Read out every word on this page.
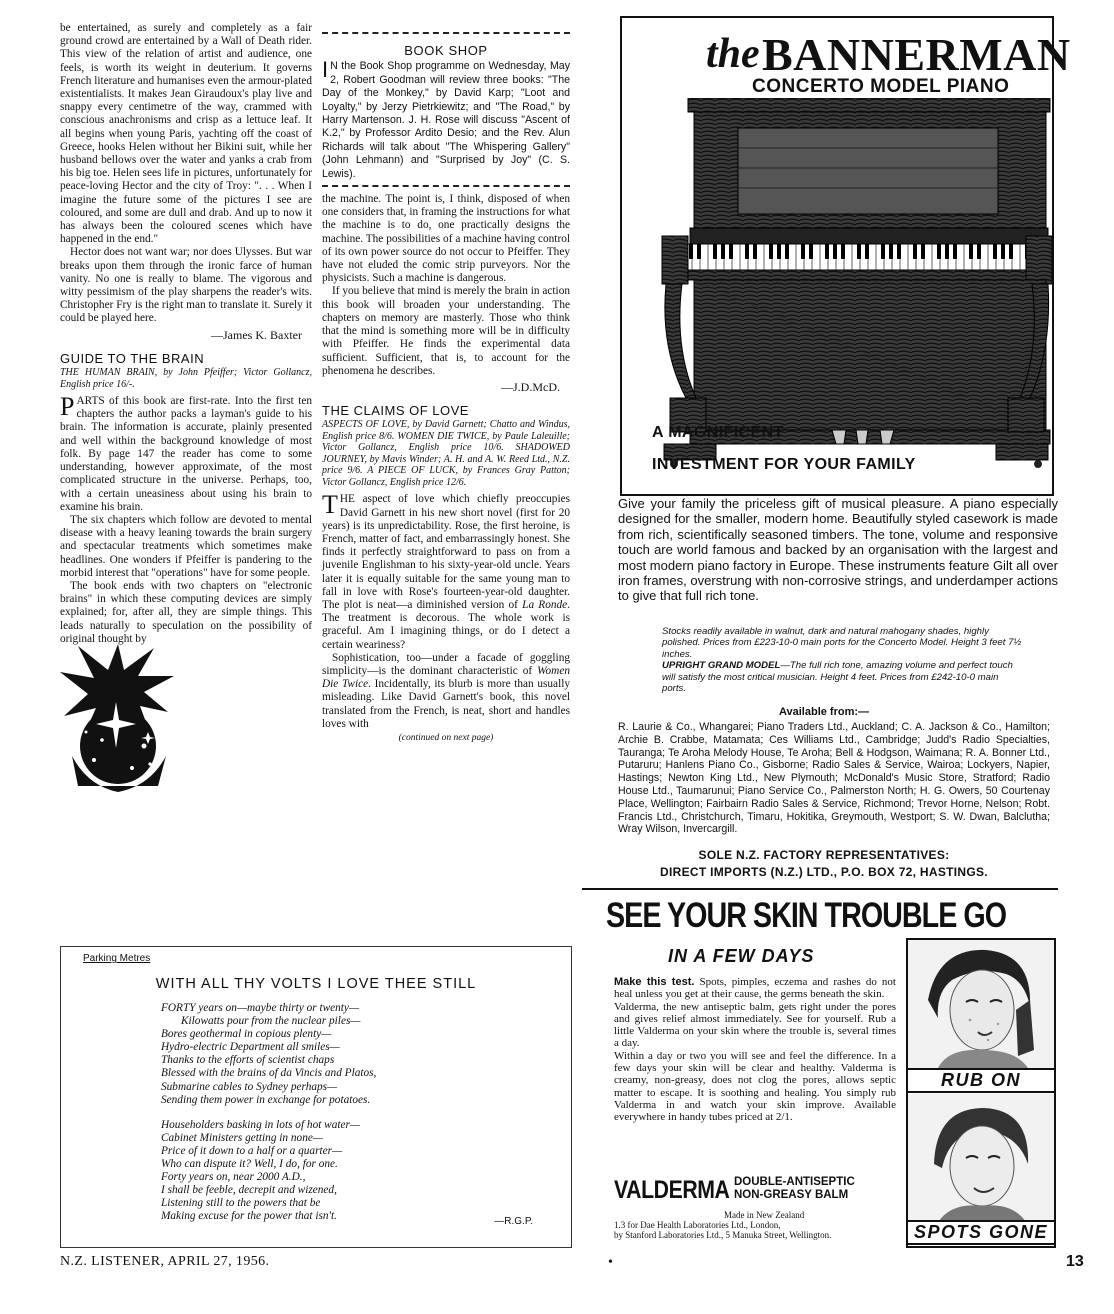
be entertained, as surely and completely as a fair ground crowd are entertained by a Wall of Death rider. This view of the relation of artist and audience, one feels, is worth its weight in deuterium. It governs French literature and humanises even the armour-plated existentialists. It makes Jean Giraudoux's play live and snappy every centimetre of the way, crammed with conscious anachronisms and crisp as a lettuce leaf. It all begins when young Paris, yachting off the coast of Greece, hooks Helen without her Bikini suit, while her husband bellows over the water and yanks a crab from his big toe. Helen sees life in pictures, unfortunately for peace-loving Hector and the city of Troy: ". . . When I imagine the future some of the pictures I see are coloured, and some are dull and drab. And up to now it has always been the coloured scenes which have happened in the end."

Hector does not want war; nor does Ulysses. But war breaks upon them through the ironic farce of human vanity. No one is really to blame. The vigorous and witty pessimism of the play sharpens the reader's wits. Christopher Fry is the right man to translate it. Surely it could be played here.

—James K. Baxter
GUIDE TO THE BRAIN
THE HUMAN BRAIN, by John Pfeiffer; Victor Gollancz, English price 16/-.

PARTS of this book are first-rate. Into the first ten chapters the author packs a layman's guide to his brain. The information is accurate, plainly presented and well within the background knowledge of most folk. By page 147 the reader has come to some understanding, however approximate, of the most complicated structure in the universe. Perhaps, too, with a certain uneasiness about using his brain to examine his brain.

The six chapters which follow are devoted to mental disease with a heavy leaning towards the brain surgery and spectacular treatments which sometimes make headlines. One wonders if Pfeiffer is pandering to the morbid interest that "operations" have for some people.

The book ends with two chapters on "electronic brains" in which these computing devices are simply explained; for, after all, they are simple things. This leads naturally to speculation on the possibility of original thought by

BOOK SHOP

I N the Book Shop programme on Wednesday, May 2, Robert Goodman will review three books: "The Day of the Monkey," by David Karp; "Loot and Loyalty," by Jerzy Pietrkiewitz; and "The Road," by Harry Martenson. J. H. Rose will discuss "Ascent of K.2," by Professor Ardito Desio; and the Rev. Alun Richards will talk about "The Whispering Gallery" (John Lehmann) and "Surprised by Joy" (C. S. Lewis).

the machine. The point is, I think, disposed of when one considers that, in framing the instructions for what the machine is to do, one practically designs the machine. The possibilities of a machine having control of its own power source do not occur to Pfeiffer. They have not eluded the comic strip purveyors. Nor the physicists. Such a machine is dangerous.

If you believe that mind is merely the brain in action this book will broaden your understanding. The chapters on memory are masterly. Those who think that the mind is something more will be in difficulty with Pfeiffer. He finds the experimental data sufficient. Sufficient, that is, to account for the phenomena he describes.

—J.D.McD.
THE CLAIMS OF LOVE
ASPECTS OF LOVE, by David Garnett; Chatto and Windus, English price 8/6. WOMEN DIE TWICE, by Paule Laleuille; Victor Gollancz, English price 10/6. SHADOWED JOURNEY, by Mavis Winder; A. H. and A. W. Reed Ltd., N.Z. price 9/6. A PIECE OF LUCK, by Frances Gray Patton; Victor Gollancz, English price 12/6.

THE aspect of love which chiefly preoccupies David Garnett in his new short novel (first for 20 years) is its unpredictability. Rose, the first heroine, is French, matter of fact, and embarrassingly honest. She finds it perfectly straightforward to pass on from a juvenile Englishman to his sixty-year-old uncle. Years later it is equally suitable for the same young man to fall in love with Rose's fourteen-year-old daughter. The plot is neat—a diminished version of La Ronde. The treatment is decorous. The whole work is graceful. Am I imagining things, or do I detect a certain weariness?

Sophistication, too—under a facade of goggling simplicity—is the dominant characteristic of Women Die Twice. Incidentally, its blurb is more than usually misleading. Like David Garnett's book, this novel translated from the French, is neat, short and handles loves with

(continued on next page)
Parking Metres
WITH ALL THY VOLTS I LOVE THEE STILL
FORTY years on—maybe thirty or twenty—
Kilowatts pour from the nuclear piles—
Bores geothermal in copious plenty—
Hydro-electric Department all smiles—
Thanks to the efforts of scientist chaps
Blessed with the brains of da Vincis and Platos,
Submarine cables to Sydney perhaps—
Sending them power in exchange for potatoes.
Householders basking in lots of hot water—
Cabinet Ministers getting in none—
Price of it down to a half or a quarter—
Who can dispute it? Well, I do, for one.
Forty years on, near 2000 A.D.,
I shall be feeble, decrepit and wizened,
Listening still to the powers that be
Making excuse for the power that isn't.	—R.G.P.
N.Z. LISTENER, APRIL 27, 1956.	•	13
the BANNERMAN
CONCERTO MODEL PIANO
A MAGNIFICENT
INVESTMENT FOR YOUR FAMILY
Give your family the priceless gift of musical pleasure. A piano especially designed for the smaller, modern home. Beautifully styled casework is made from rich, scientifically seasoned timbers. The tone, volume and responsive touch are world famous and backed by an organisation with the largest and most modern piano factory in Europe. These instruments feature Gilt all over iron frames, overstrung with non-corrosive strings, and underdamper actions to give that full rich tone.
Stocks readily available in walnut, dark and natural mahogany shades, highly polished. Prices from £223-10-0 main ports for the Concerto Model. Height 3 feet 7½ inches.
UPRIGHT GRAND MODEL—The full rich tone, amazing volume and perfect touch will satisfy the most critical musician. Height 4 feet. Prices from £242-10-0 main ports.
Available from:—
R. Laurie & Co., Whangarei; Piano Traders Ltd., Auckland; C. A. Jackson & Co., Hamilton; Archie B. Crabbe, Matamata; Ces Williams Ltd., Cambridge; Judd's Radio Specialties, Tauranga; Te Aroha Melody House, Te Aroha; Bell & Hodgson, Waimana; R. A. Bonner Ltd., Putaruru; Hanlens Piano Co., Gisborne; Radio Sales & Service, Wairoa; Lockyers, Napier, Hastings; Newton King Ltd., New Plymouth; McDonald's Music Store, Stratford; Radio House Ltd., Taumarunui; Piano Service Co., Palmerston North; H. G. Owers, 50 Courtenay Place, Wellington; Fairbairn Radio Sales & Service, Richmond; Trevor Horne, Nelson; Robt. Francis Ltd., Christchurch, Timaru, Hokitika, Greymouth, Westport; S. W. Dwan, Balclutha; Wray Wilson, Invercargill.
SOLE N.Z. FACTORY REPRESENTATIVES:
DIRECT IMPORTS (N.Z.) LTD., P.O. BOX 72, HASTINGS.
SEE YOUR SKIN TROUBLE GO
IN A FEW DAYS
Make this test. Spots, pimples, eczema and rashes do not heal unless you get at their cause, the germs beneath the skin.
Valderma, the new antiseptic balm, gets right under the pores and gives relief almost immediately. See for yourself. Rub a little Valderma on your skin where the trouble is, several times a day.
Within a day or two you will see and feel the difference. In a few days your skin will be clear and healthy. Valderma is creamy, non-greasy, does not clog the pores, allows septic matter to escape. It is soothing and healing. You simply rub Valderma in and watch your skin improve. Available everywhere in handy tubes priced at 2/1.
VALDERMA DOUBLE-ANTISEPTIC
NON-GREASY BALM
Made in New Zealand
1.3 for Dae Health Laboratories Ltd., London,
by Stanford Laboratories Ltd., 5 Manuka Street, Wellington.
RUB ON
SPOTS GONE
